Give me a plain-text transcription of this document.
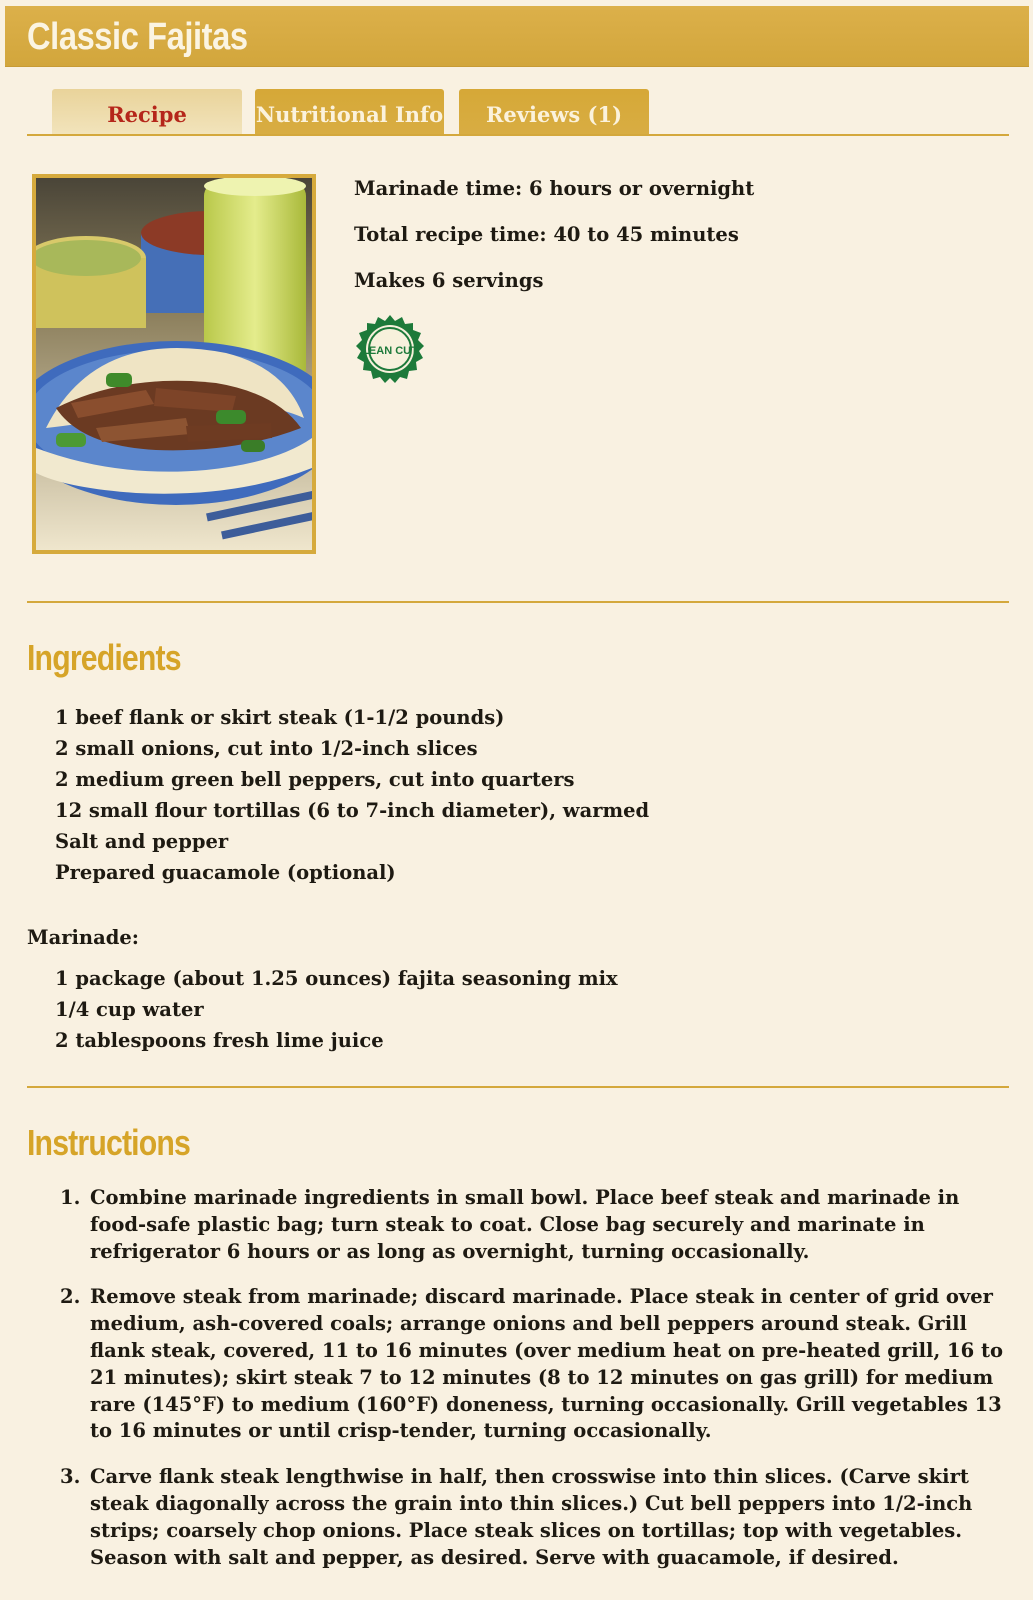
Classic Fajitas
Recipe	Nutritional Info	Reviews (1)
Marinade time: 6 hours or overnight
Total recipe time: 40 to 45 minutes
Makes 6 servings
LEAN CUT
Ingredients
1 beef flank or skirt steak (1-1/2 pounds)
2 small onions, cut into 1/2-inch slices
2 medium green bell peppers, cut into quarters
12 small flour tortillas (6 to 7-inch diameter), warmed
Salt and pepper
Prepared guacamole (optional)
Marinade:
1 package (about 1.25 ounces) fajita seasoning mix
1/4 cup water
2 tablespoons fresh lime juice
Instructions
1. Combine marinade ingredients in small bowl. Place beef steak and marinade in food-safe plastic bag; turn steak to coat. Close bag securely and marinate in refrigerator 6 hours or as long as overnight, turning occasionally.
2. Remove steak from marinade; discard marinade. Place steak in center of grid over medium, ash-covered coals; arrange onions and bell peppers around steak. Grill flank steak, covered, 11 to 16 minutes (over medium heat on pre-heated grill, 16 to 21 minutes); skirt steak 7 to 12 minutes (8 to 12 minutes on gas grill) for medium rare (145°F) to medium (160°F) doneness, turning occasionally. Grill vegetables 13 to 16 minutes or until crisp-tender, turning occasionally.
3. Carve flank steak lengthwise in half, then crosswise into thin slices. (Carve skirt steak diagonally across the grain into thin slices.) Cut bell peppers into 1/2-inch strips; coarsely chop onions. Place steak slices on tortillas; top with vegetables. Season with salt and pepper, as desired. Serve with guacamole, if desired.
